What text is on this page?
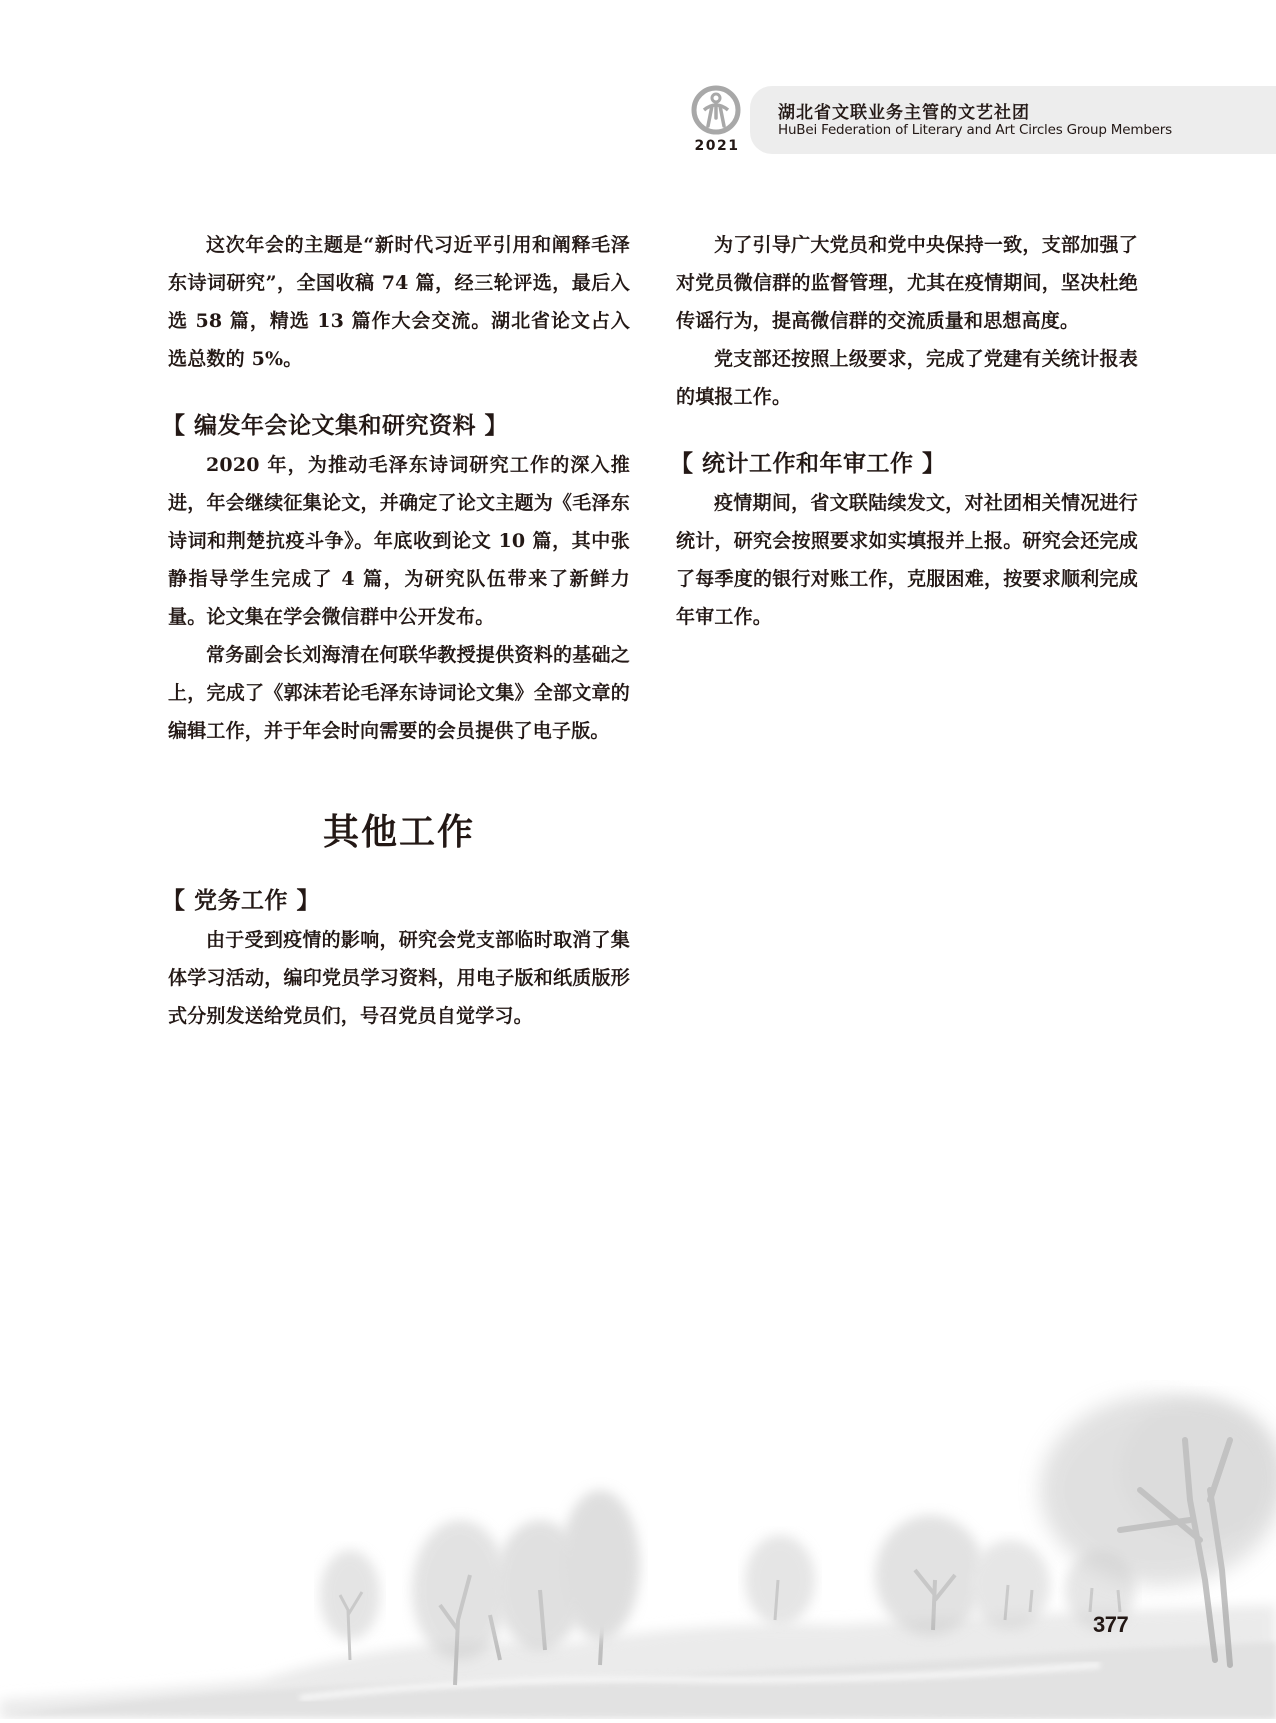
2021
湖北省文联业务主管的文艺社团
HuBei Federation of Literary and Art Circles Group Members

这次年会的主题是“新时代习近平引用和阐释毛泽东诗词研究”，全国收稿 74 篇，经三轮评选，最后入选 58 篇，精选 13 篇作大会交流。湖北省论文占入选总数的 5%。

【 编发年会论文集和研究资料 】

2020 年，为推动毛泽东诗词研究工作的深入推进，年会继续征集论文，并确定了论文主题为《毛泽东诗词和荆楚抗疫斗争》。年底收到论文 10 篇，其中张静指导学生完成了 4 篇，为研究队伍带来了新鲜力量。论文集在学会微信群中公开发布。

常务副会长刘海清在何联华教授提供资料的基础之上，完成了《郭沫若论毛泽东诗词论文集》全部文章的编辑工作，并于年会时向需要的会员提供了电子版。

其他工作
【 党务工作 】

由于受到疫情的影响，研究会党支部临时取消了集体学习活动，编印党员学习资料，用电子版和纸质版形式分别发送给党员们，号召党员自觉学习。

为了引导广大党员和党中央保持一致，支部加强了对党员微信群的监督管理，尤其在疫情期间，坚决杜绝传谣行为，提高微信群的交流质量和思想高度。

党支部还按照上级要求，完成了党建有关统计报表的填报工作。

【 统计工作和年审工作 】

疫情期间，省文联陆续发文，对社团相关情况进行统计，研究会按照要求如实填报并上报。研究会还完成了每季度的银行对账工作，克服困难，按要求顺利完成年审工作。

377
